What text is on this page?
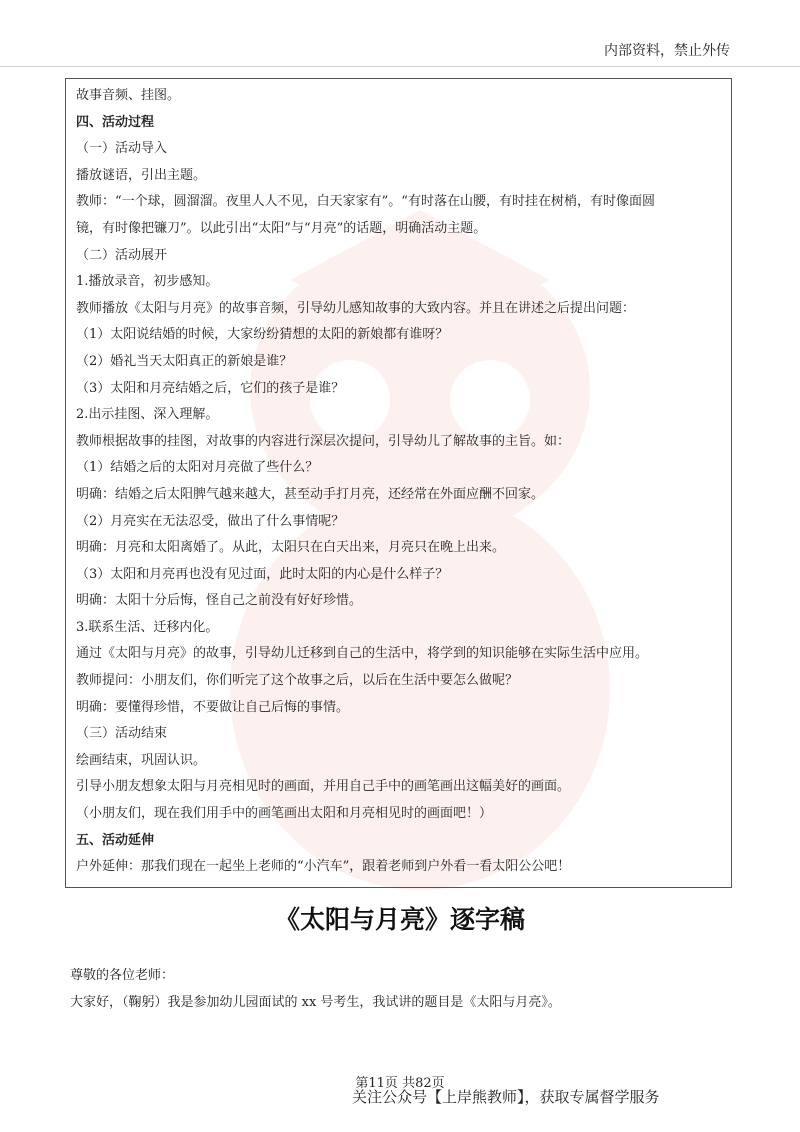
内部资料，禁止外传
故事音频、挂图。
四、活动过程
（一）活动导入
播放谜语，引出主题。
教师：“一个球，圆溜溜。夜里人人不见，白天家家有”。“有时落在山腰，有时挂在树梢，有时像面圆
镜，有时像把镰刀”。以此引出“太阳”与“月亮”的话题，明确活动主题。
（二）活动展开
1.播放录音，初步感知。
教师播放《太阳与月亮》的故事音频，引导幼儿感知故事的大致内容。并且在讲述之后提出问题：
（1）太阳说结婚的时候，大家纷纷猜想的太阳的新娘都有谁呀？
（2）婚礼当天太阳真正的新娘是谁？
（3）太阳和月亮结婚之后，它们的孩子是谁？
2.出示挂图、深入理解。
教师根据故事的挂图，对故事的内容进行深层次提问，引导幼儿了解故事的主旨。如：
（1）结婚之后的太阳对月亮做了些什么？
明确：结婚之后太阳脾气越来越大，甚至动手打月亮，还经常在外面应酬不回家。
（2）月亮实在无法忍受，做出了什么事情呢？
明确：月亮和太阳离婚了。从此，太阳只在白天出来，月亮只在晚上出来。
（3）太阳和月亮再也没有见过面，此时太阳的内心是什么样子？
明确：太阳十分后悔，怪自己之前没有好好珍惜。
3.联系生活、迁移内化。
通过《太阳与月亮》的故事，引导幼儿迁移到自己的生活中，将学到的知识能够在实际生活中应用。
教师提问：小朋友们，你们听完了这个故事之后，以后在生活中要怎么做呢？
明确：要懂得珍惜，不要做让自己后悔的事情。
（三）活动结束
绘画结束，巩固认识。
引导小朋友想象太阳与月亮相见时的画面，并用自己手中的画笔画出这幅美好的画面。
（小朋友们，现在我们用手中的画笔画出太阳和月亮相见时的画面吧！）
五、活动延伸
户外延伸：那我们现在一起坐上老师的“小汽车”，跟着老师到户外看一看太阳公公吧！
《太阳与月亮》逐字稿
尊敬的各位老师：
大家好，（鞠躬）我是参加幼儿园面试的 xx 号考生，我试讲的题目是《太阳与月亮》。
第11页 共82页
关注公众号【上岸熊教师】，获取专属督学服务
